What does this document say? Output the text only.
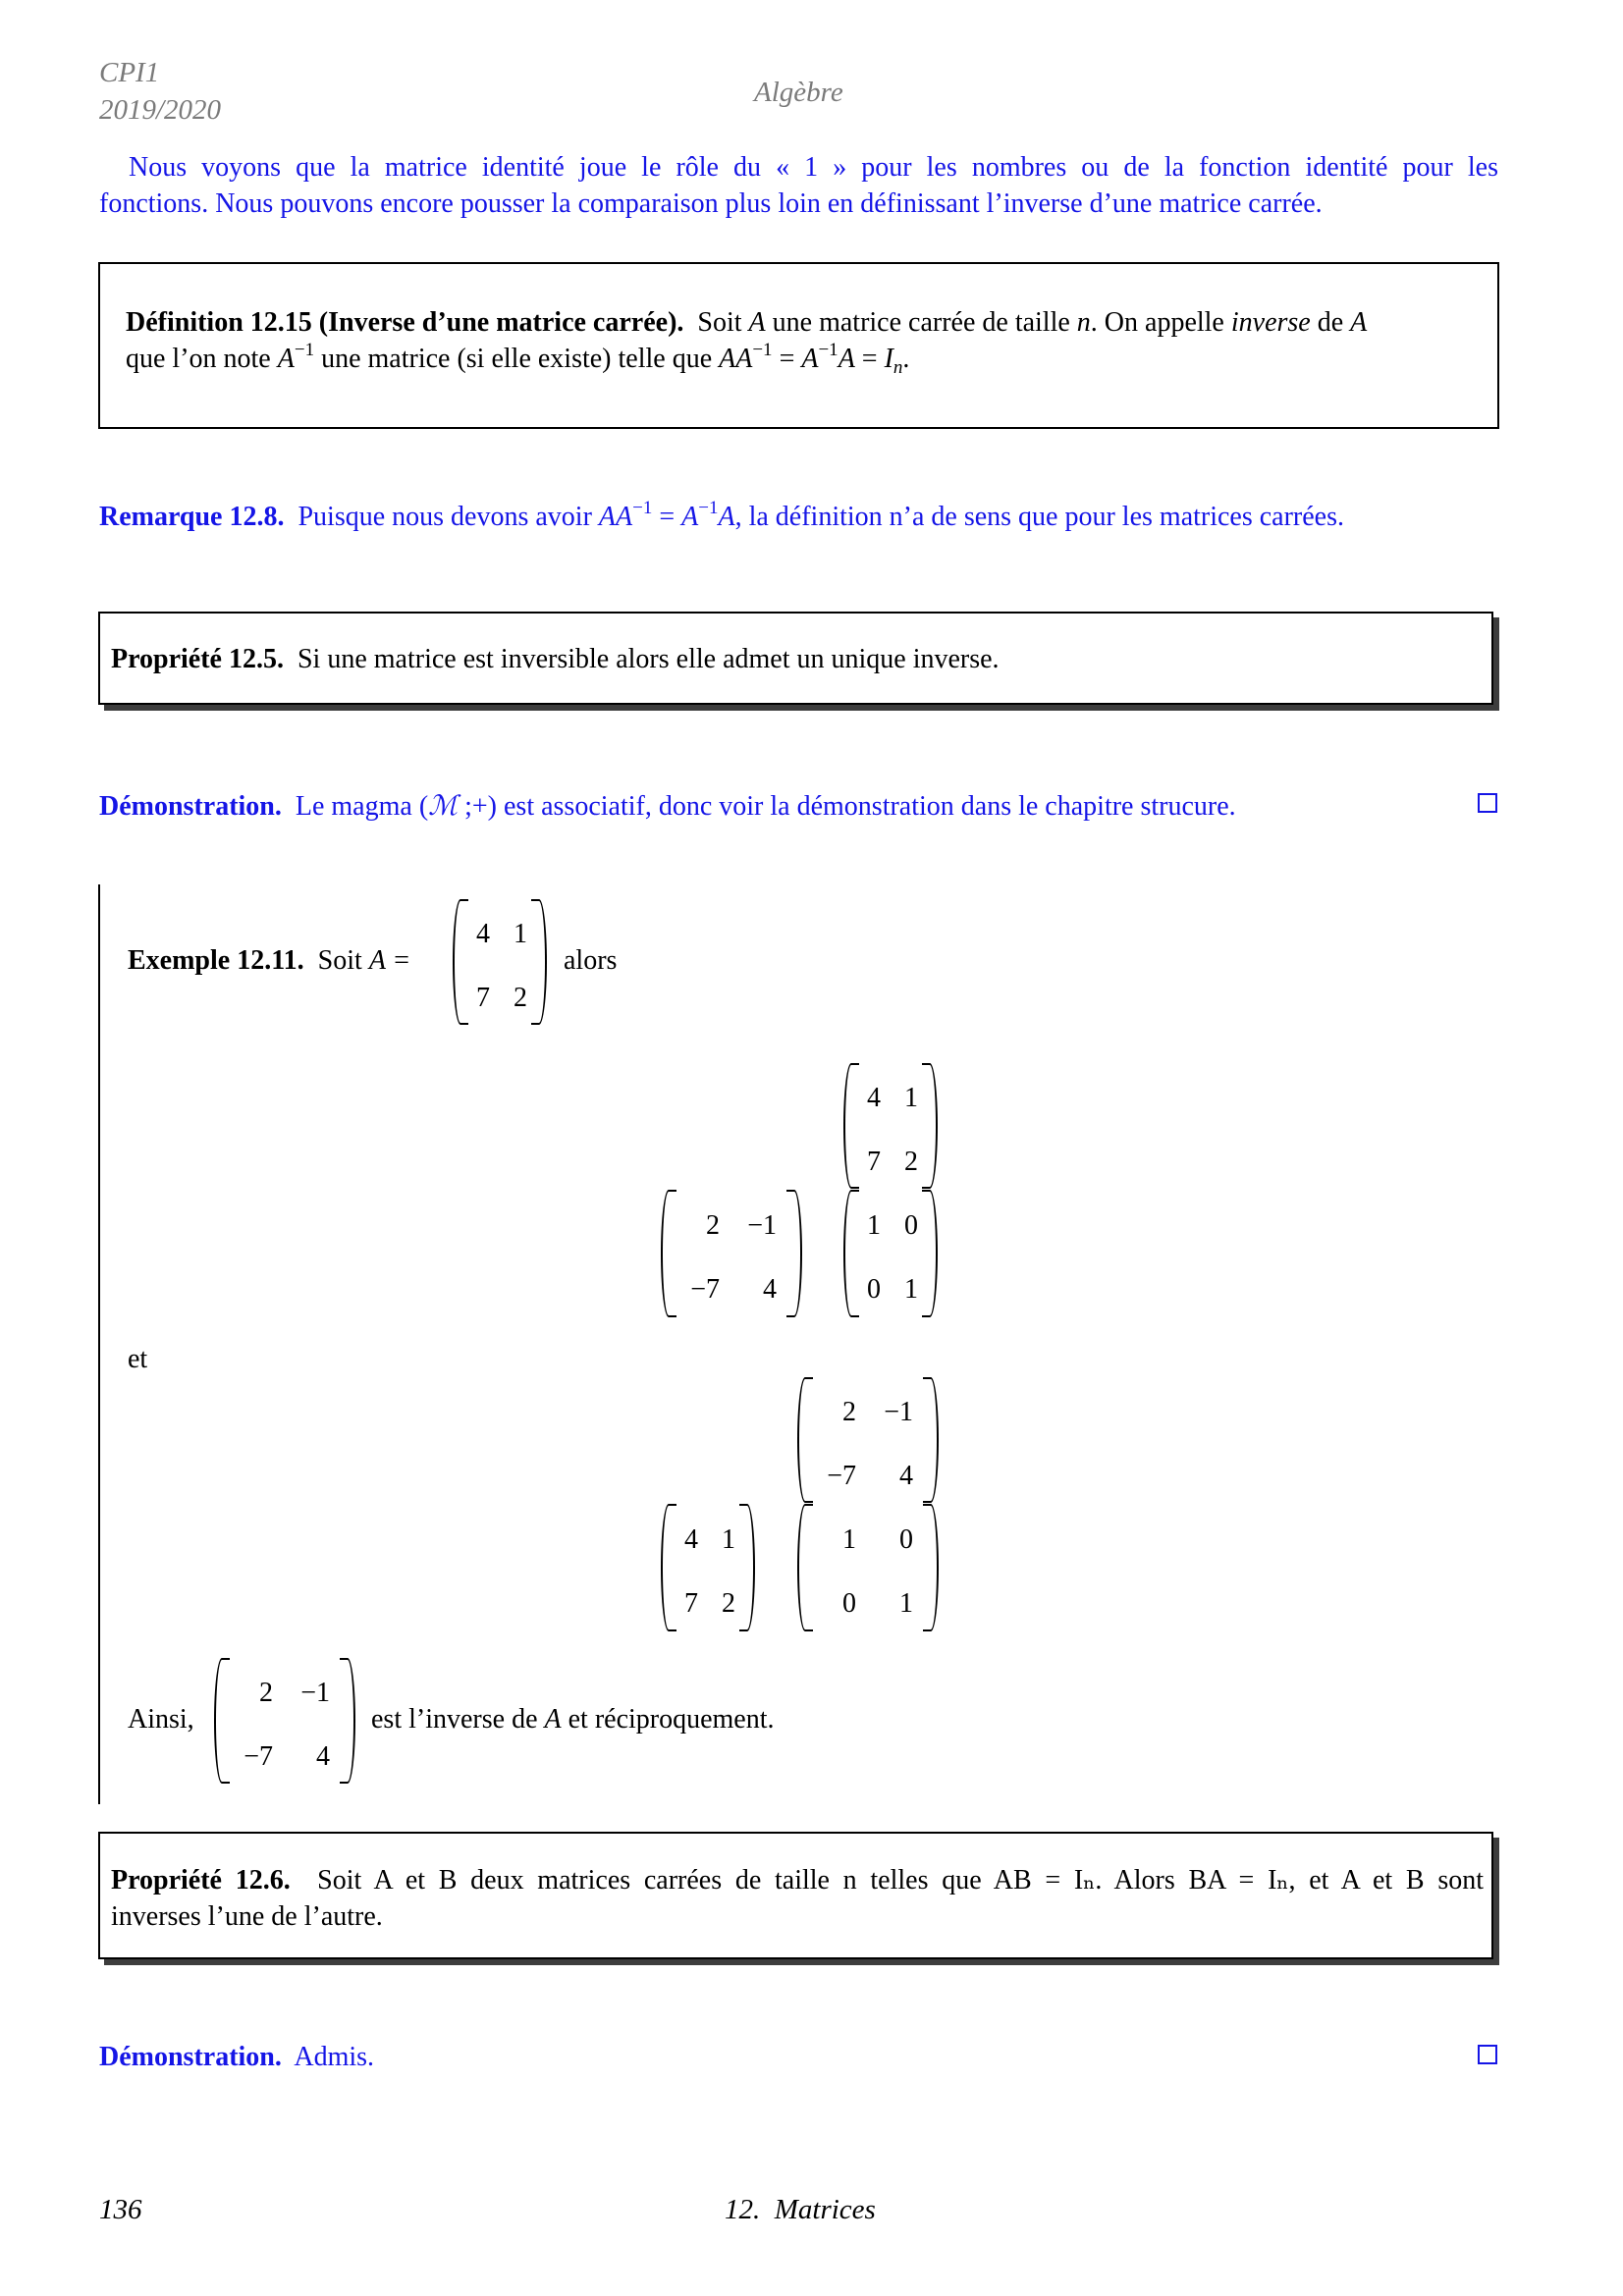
CPI1
2019/2020
Algèbre
Nous voyons que la matrice identité joue le rôle du « 1 » pour les nombres ou de la fonction identité pour les
fonctions. Nous pouvons encore pousser la comparaison plus loin en définissant l’inverse d’une matrice carrée.
Définition 12.15 (Inverse d’une matrice carrée). Soit A une matrice carrée de taille n. On appelle inverse de A
que l’on note $A^{-1}$ une matrice (si elle existe) telle que $AA^{-1} = A^{-1}A = I_n$.
Remarque 12.8. Puisque nous devons avoir $AA^{-1} = A^{-1}A$, la définition n’a de sens que pour les matrices carrées.
Propriété 12.5. Si une matrice est inversible alors elle admet un unique inverse.
Démonstration. Le magma (ℳ ;+) est associatif, donc voir la démonstration dans le chapitre strucure.
Exemple 12.11. Soit A =
4 1
7 2
alors
4 1
7 2
2	−1
−7	4
1 0
0 1
et
2	−1
−7	4
4 1
7 2
1	0
0	1
Ainsi,
2	−1
−7	4
est l’inverse de A et réciproquement.
Propriété 12.6. Soit A et B deux matrices carrées de taille n telles que AB = Iₙ. Alors BA = Iₙ, et A et B sont
inverses l’une de l’autre.
Démonstration. Admis.
136	12.  Matrices
